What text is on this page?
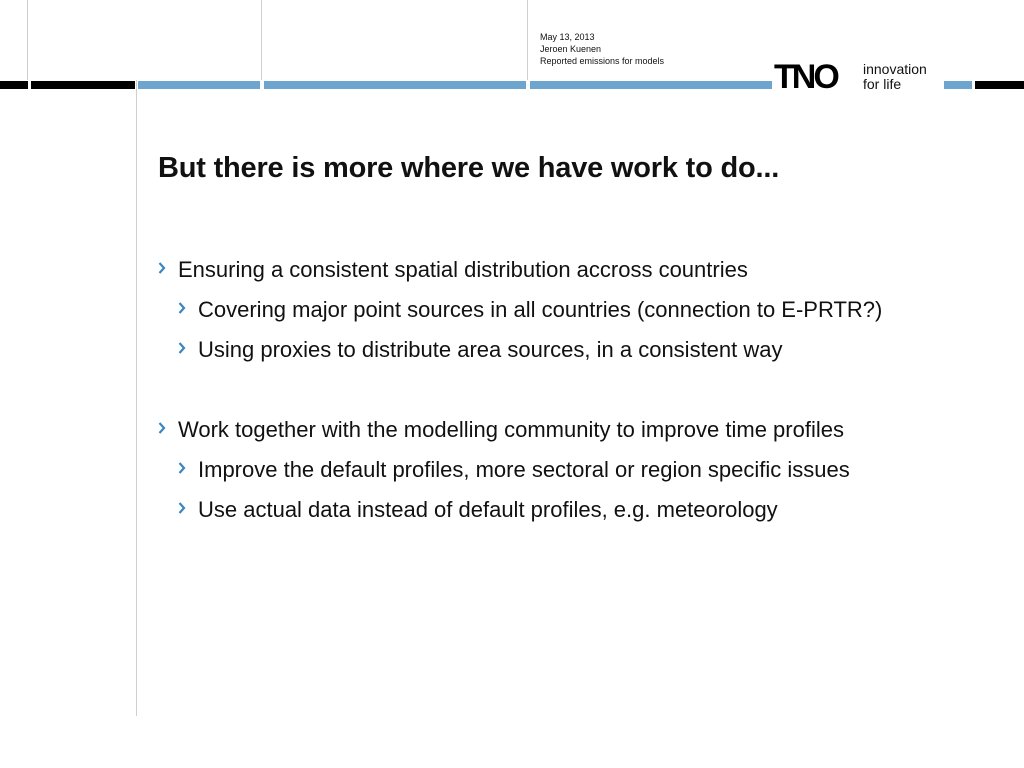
May 13, 2013
Jeroen Kuenen
Reported emissions for models	TNO innovation
for life
But there is more where we have work to do...
Ensuring a consistent spatial distribution accross countries
Covering major point sources in all countries (connection to E-PRTR?)
Using proxies to distribute area sources, in a consistent way
Work together with the modelling community to improve time profiles
Improve the default profiles, more sectoral or region specific issues
Use actual data instead of default profiles, e.g. meteorology
